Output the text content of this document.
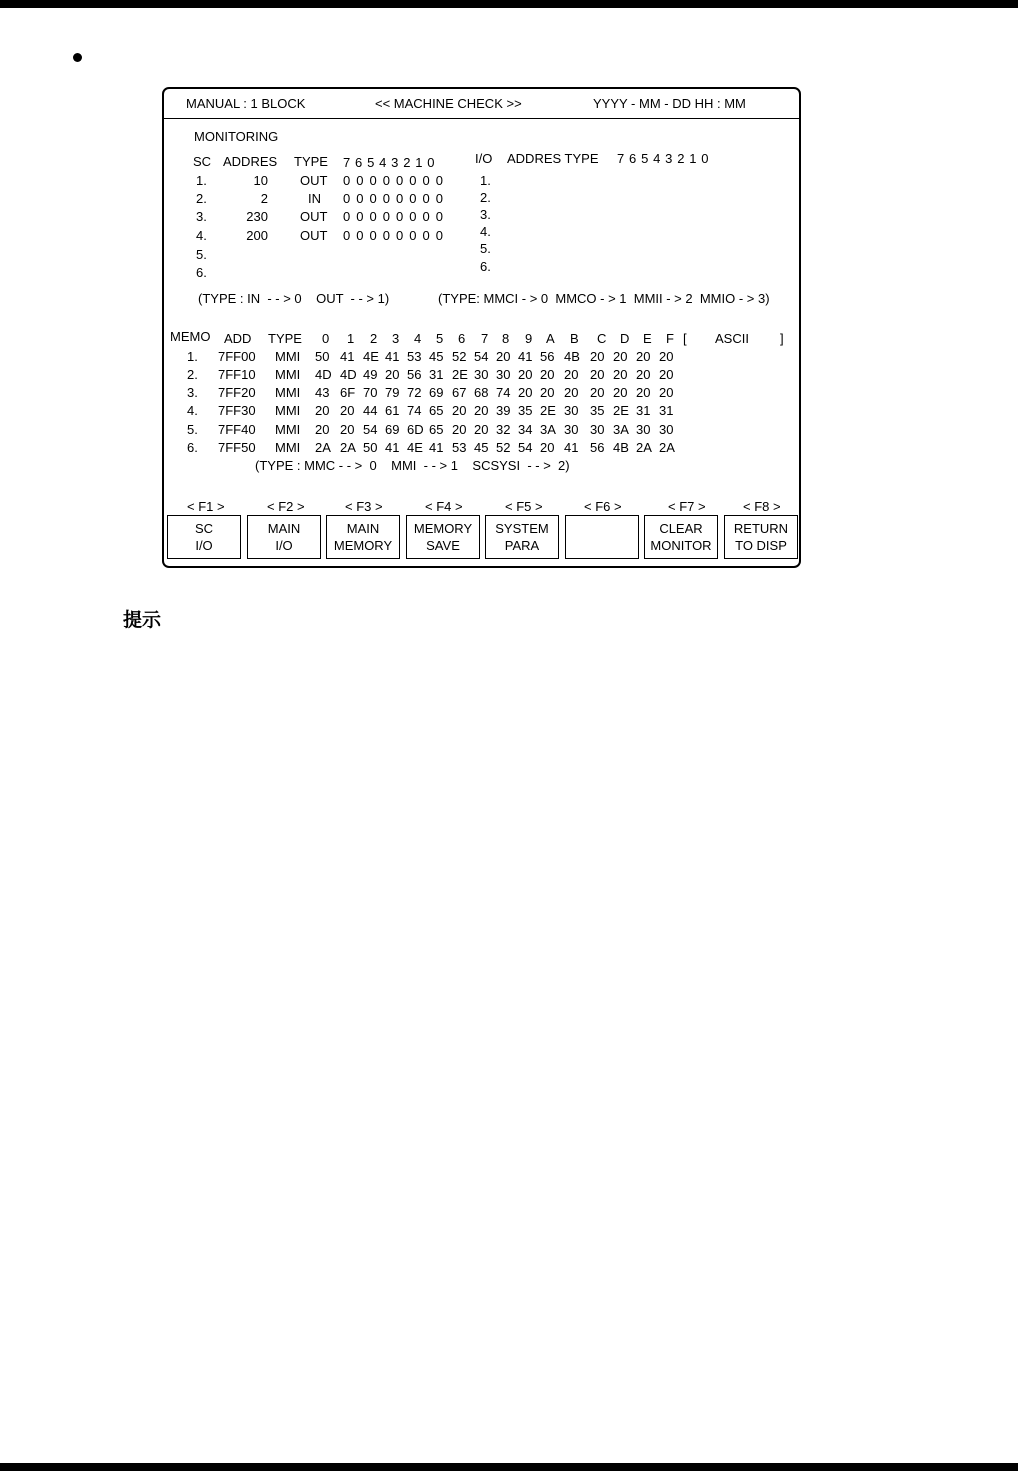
MANUAL : 1 BLOCK	<< MACHINE CHECK >>	YYYY - MM - DD HH : MM
MONITORING
SC ADDRES TYPE 7 6 5 4 3 2 1 0	I/O ADDRES TYPE 7 6 5 4 3 2 1 0
1.	10 OUT 0 0 0 0 0 0 0 0
2.	2	IN 0 0 0 0 0 0 0 0
3.	230 OUT 0 0 0 0 0 0 0 0
4.	200 OUT 0 0 0 0 0 0 0 0
5.
6.
1.
2.
3.
4.
5.
6.
(TYPE : IN  - - > 0    OUT  - - > 1)	(TYPE: MMCI - > 0  MMCO - > 1  MMII - > 2  MMIO - > 3)
MEMO ADD TYPE 0 1 2 3 4 5 6 7 8 9 A B C D E F [ ASCII ]
1. 7FF00 MMI 50 41 4E 41 53 45 52 54 20 41 56 4B 20 20 20 20
2. 7FF10 MMI 4D 4D 49 20 56 31 2E 30 30 20 20 20 20 20 20 20
3. 7FF20 MMI 43 6F 70 79 72 69 67 68 74 20 20 20 20 20 20 20
4. 7FF30 MMI 20 20 44 61 74 65 20 20 39 35 2E 30 35 2E 31 31
5. 7FF40 MMI 20 20 54 69 6D 65 20 20 32 34 3A 30 30 3A 30 30
6. 7FF50 MMI 2A 2A 50 41 4E 41 53 45 52 54 20 41 56 4B 2A 2A
(TYPE : MMC - - >  0    MMI  - - > 1    SCSYSI  - - >  2)
< F1 >	< F2 >	< F3 >	< F4 >	< F5 >	< F6 >	< F7 >	< F8 >
SC
I/O
MAIN
I/O
MAIN
MEMORY
MEMORY
SAVE
SYSTEM
PARA
CLEAR
MONITOR
RETURN
TO DISP
提示
